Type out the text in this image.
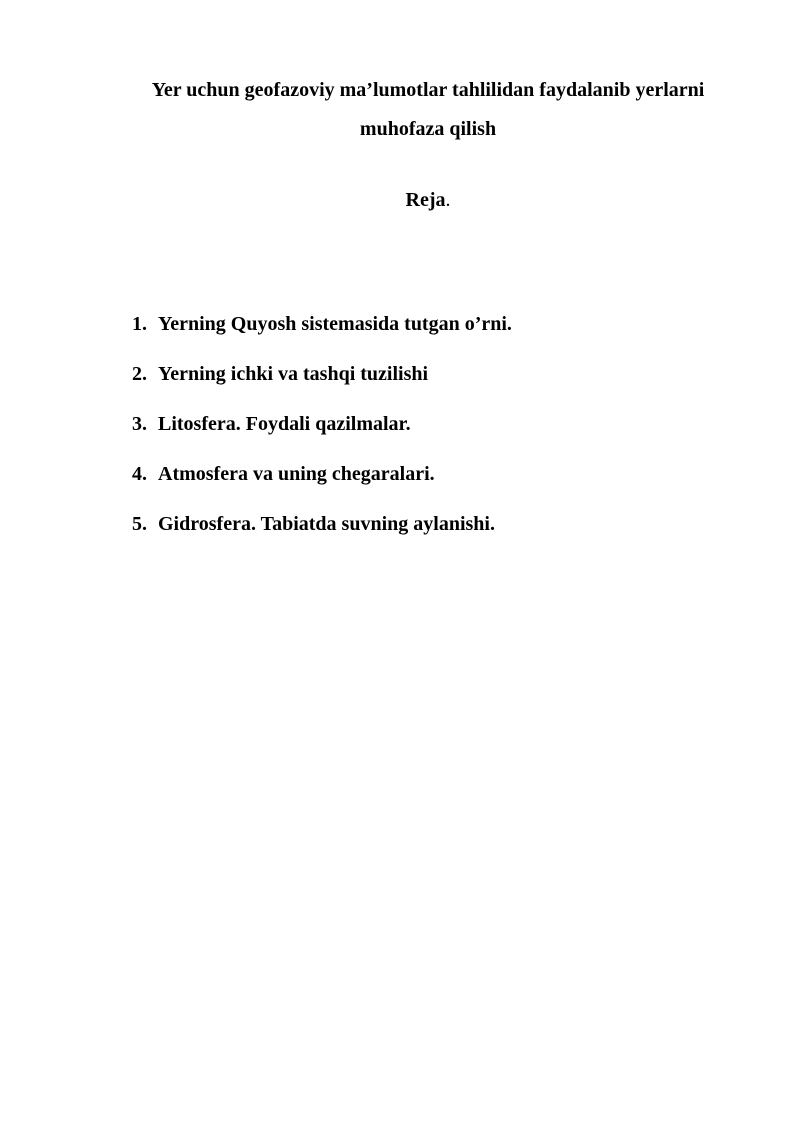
Yer uchun geofazoviy ma’lumotlar tahlilidan faydalanib yerlarni
muhofaza qilish

Reja.

1. Yerning Quyosh sistemasida tutgan o’rni.
2. Yerning ichki va tashqi tuzilishi
3. Litosfera. Foydali qazilmalar.
4. Atmosfera va uning chegaralari.
5. Gidrosfera. Tabiatda suvning aylanishi.
